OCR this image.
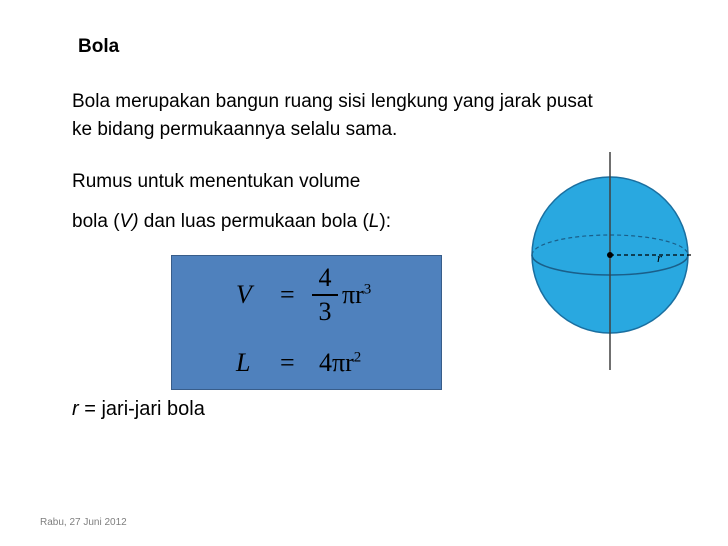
Bola
Bola merupakan bangun ruang sisi lengkung yang jarak pusat
ke bidang permukaannya selalu sama.
Rumus untuk menentukan volume
bola (V) dan luas permukaan bola (L):
V =
4
3
$\pi r^3$
$L = 4\pi r^2$
r = jari-jari bola
r
Rabu, 27 Juni 2012
